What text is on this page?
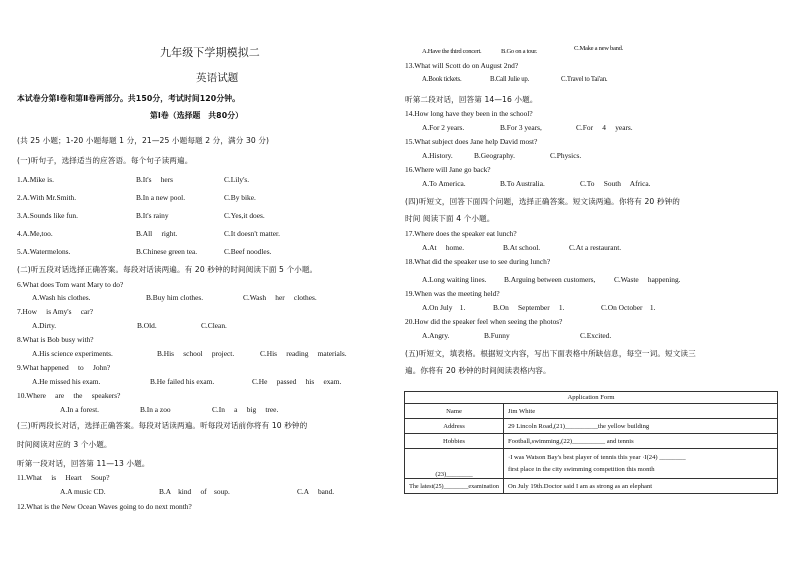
九年级下学期模拟二
英语试题
本试卷分第Ⅰ卷和第Ⅱ卷两部分。共150分，考试时间120分钟。
第Ⅰ卷（选择题　共80分）
(共 25 小题；1-20 小题每题 1 分，21—25 小题每题 2 分，满分 30 分)
(一)听句子，选择适当的应答语。每个句子读两遍。
1.A.Mike is.	B.It's　 hers	C.Lily's.
2.A.With Mr.Smith.	B.In a new pool.	C.By bike.
3.A.Sounds like fun.	B.It's rainy	C.Yes,it does.
4.A.Me,too.	B.All　 right.	C.It doesn't matter.
5.A.Watermelons.	B.Chinese green tea.	C.Beef noodles.
(二)听五段对话选择正确答案。每段对话读两遍。有 20 秒钟的时间阅读下面 5 个小题。
6.What does Tom want Mary to do?
A.Wash his clothes.	B.Buy him clothes.	C.Wash　 her　 clothes.
7.How　 is Amy's　 car?
A.Dirty.	B.Old.	C.Clean.
8.What is Bob busy with?
A.His science experiments.	B.His　 school　 project.	C.His　 reading　 materials.
9.What happened　 to　 John?
A.He missed his exam.	B.He failed his exam.	C.He　 passed　 his　 exam.
10.Where　 are　 the　 speakers?
A.In a forest.	B.In a zoo	C.In　 a　 big　 tree.
(三)听两段长对话，选择正确答案。每段对话读两遍。听每段对话前你将有 10 秒钟的
时间阅读对应的 3 个小题。
听第一段对话，回答第 11—13 小题。
11.What　 is　 Heart　 Soup?
A.A music CD.	B.A　kind　 of　soup.	C.A　 band.
12.What is the New Ocean Waves going to do next month?
A.Have the third concert.	B.Go on a tour.	C.Make a new band.
13.What will Scott do on August 2nd?
A.Book tickets.	B.Call Julie up.	C.Travel to Tai'an.
听第二段对话，回答第 14—16 小题。
14.How long have they been in the school?
A.For 2 years.	B.For 3 years,	C.For　 4　 years.
15.What subject does Jane help David most?
A.History.	B.Geography.	C.Physics.
16.Where will Jane go back?
A.To America.	B.To Australia.	C.To　 South　 Africa.
(四)听短文，回答下面四个问题，选择正确答案。短文读两遍。你将有 20 秒钟的
时间 阅读下面 4 个小题。
17.Where does the speaker eat lunch?
A.At　 home.	B.At school.	C.At a restaurant.
18.What did the speaker use to see during lunch?
A.Long waiting lines. B.Arguing between customers,	C.Waste　 happening.
19.When was the meeting held?
A.On July　1.	B.On　 September　 1.	C.On October　1.
20.How did the speaker feel when seeing the photos?
A.Angry.	B.Funny	C.Excited.
(五)听短文，填表格。根据短文内容，写出下面表格中所缺信息，每空一词。短文读三
遍。你将有 20 秒钟的时间阅读表格内容。
Application Form	
Name	Jim White
Address	29 Lincoln Road,(21)__________the yellow building
Hobbies	Football,swimming,(22)__________ and tennis
(23)________	·I was Watson Bay's best player of tennis this year ·I(24) ________
first place in the city swimming competition this month

The latest(25)________examination	On July 19th.Doctor said I am as strong as an elephant
